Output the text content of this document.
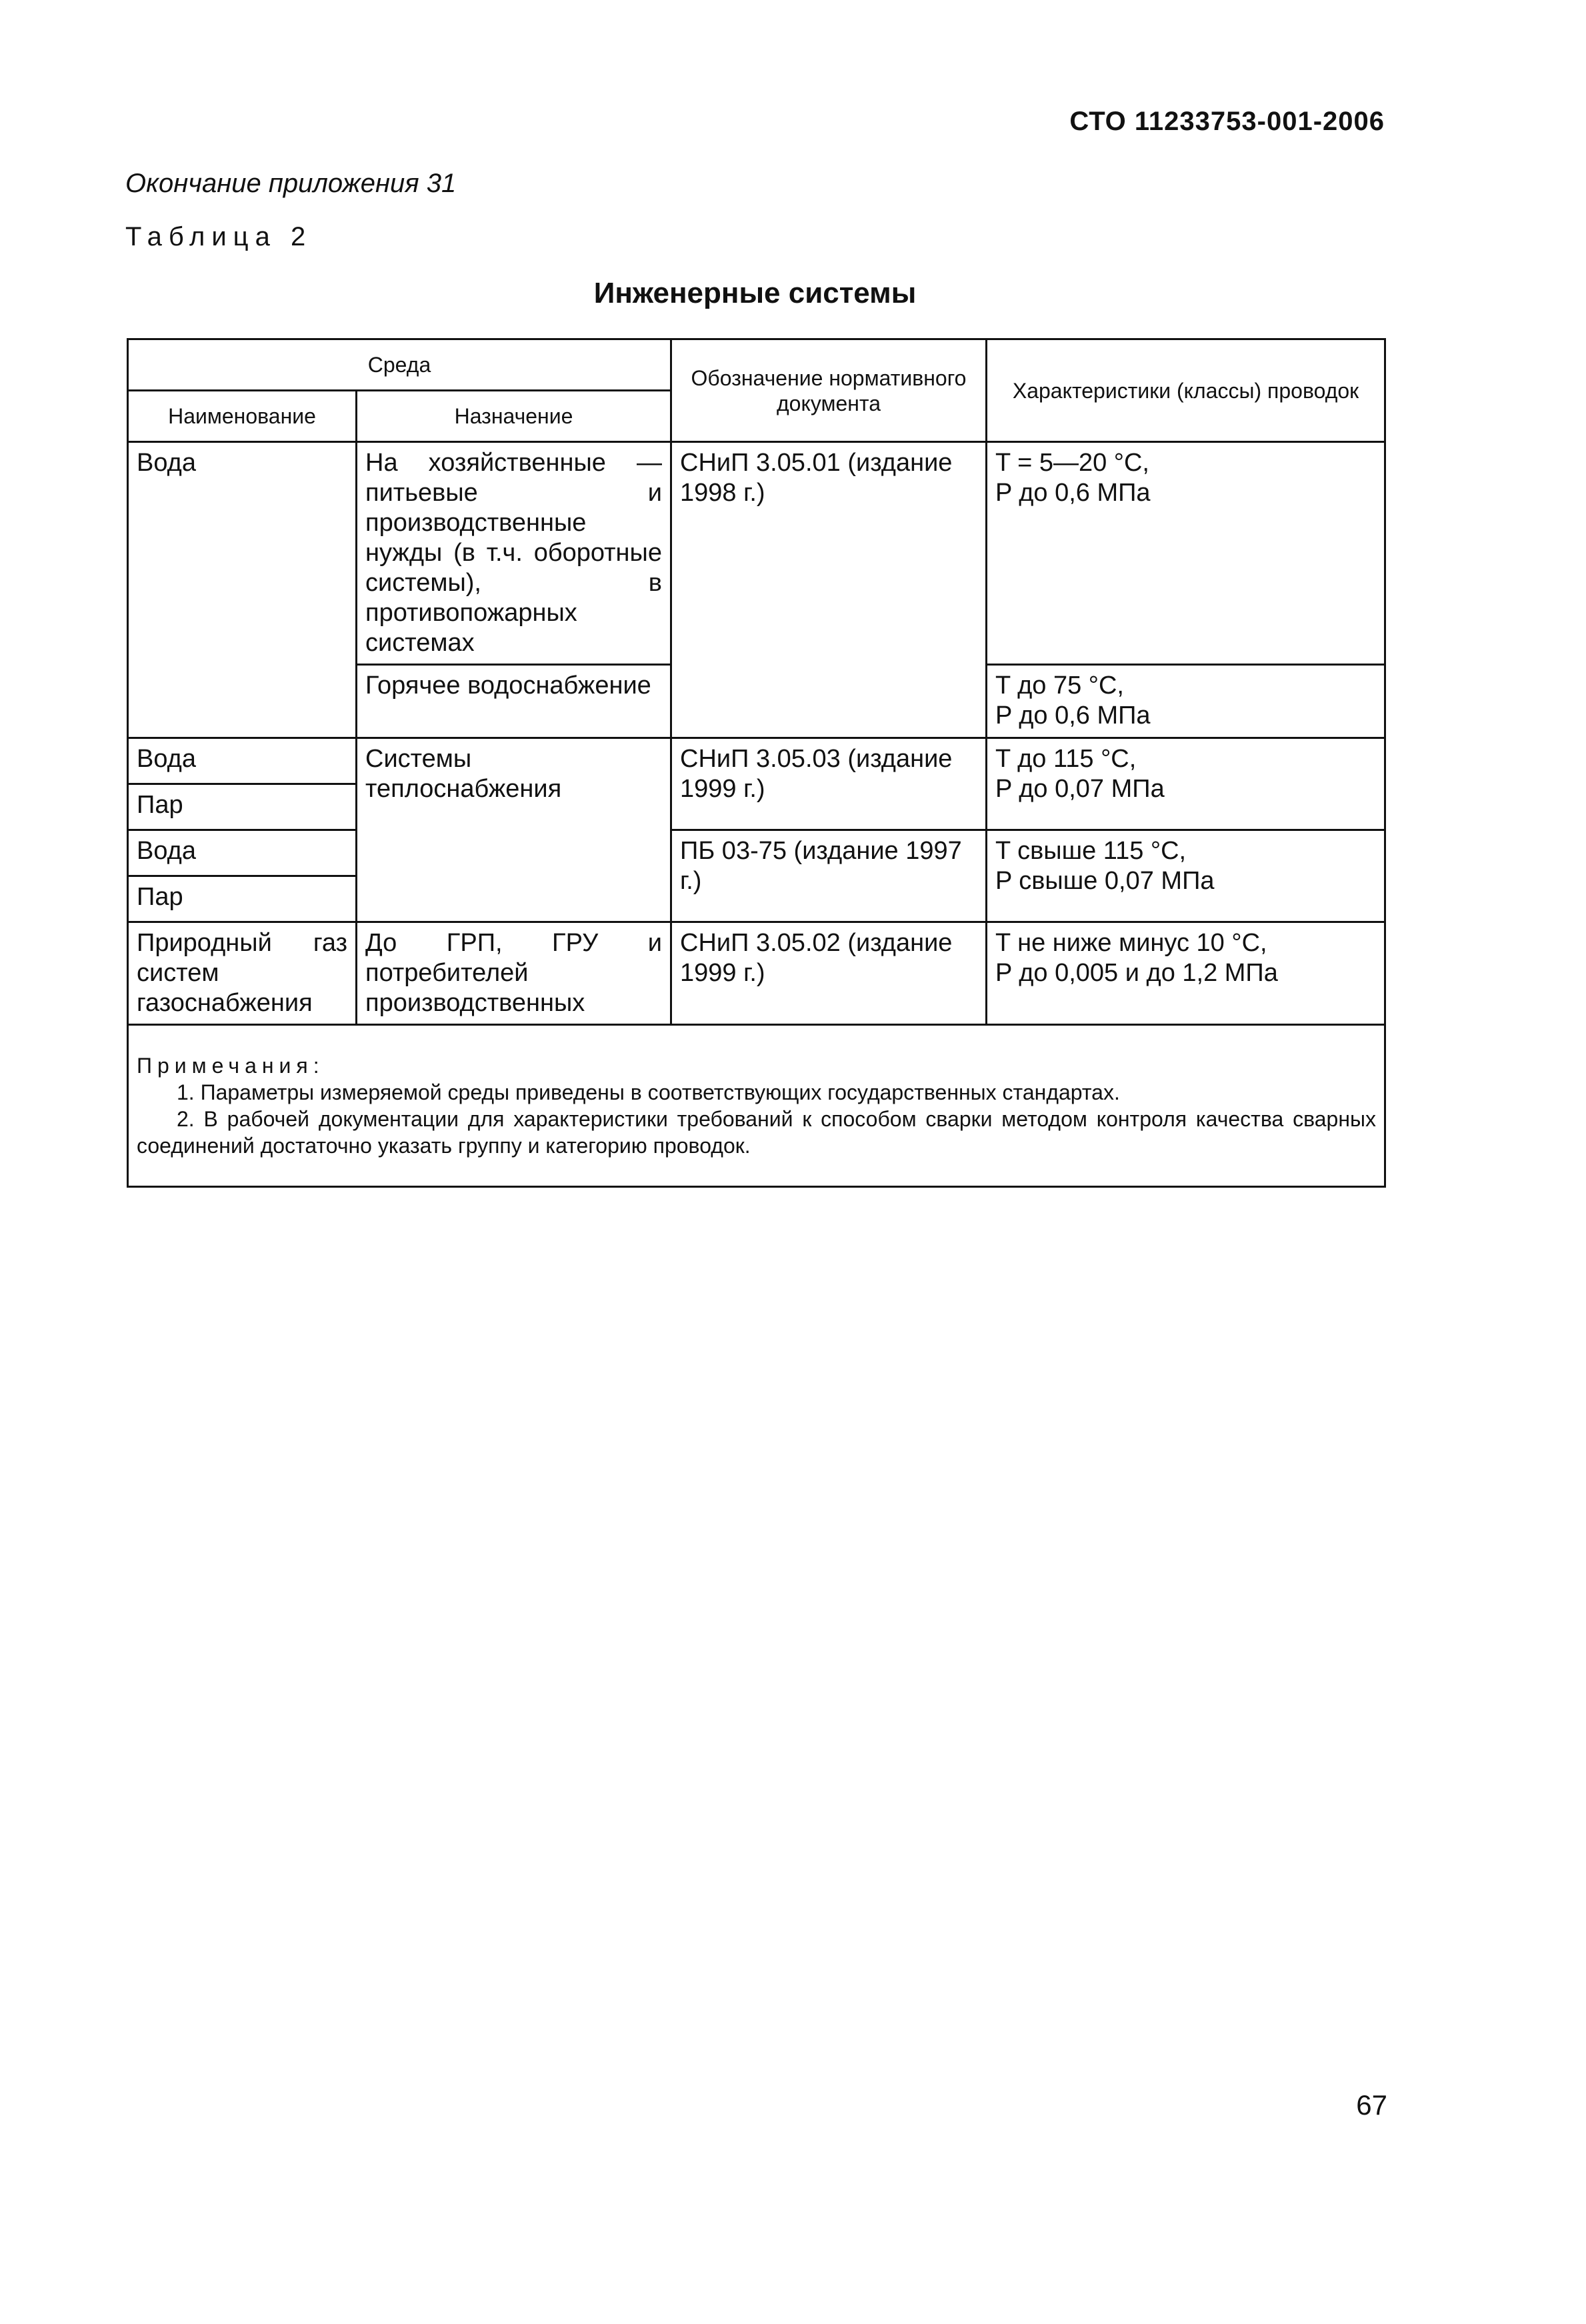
СТО 11233753-001-2006
Окончание приложения 31
Таблица 2
Инженерные системы
Среда		Обозначение нормативного документа	Характеристики (классы) проводок
Наименование	Назначение		
Вода	На хозяйственные — питьевые и производственные нужды (в т.ч. оборотные системы), в противопожарных системах	СНиП 3.05.01 (издание 1998 г.)	T = 5—20 °C,
P до 0,6 МПа

	Горячее водоснабжение		T до 75 °C,
P до 0,6 МПа

Вода	Системы теплоснабжения	СНиП 3.05.03 (издание 1999 г.)	T до 115 °C,
P до 0,07 МПа

Пар			
Вода		ПБ 03-75 (издание 1997 г.)	T свыше 115 °C,
P свыше 0,07 МПа

Пар			
Природный газ систем газоснабжения	До ГРП, ГРУ и потребителей производственных	СНиП 3.05.02 (издание 1999 г.)	T не ниже минус 10 °C,
P до 0,005 и до 1,2 МПа

Примечания:
1. Параметры измеряемой среды приведены в соответствующих государственных стандартах.
2. В рабочей документации для характеристики требований к способом сварки методом контроля качества сварных соединений достаточно указать группу и категорию проводок.			
67
